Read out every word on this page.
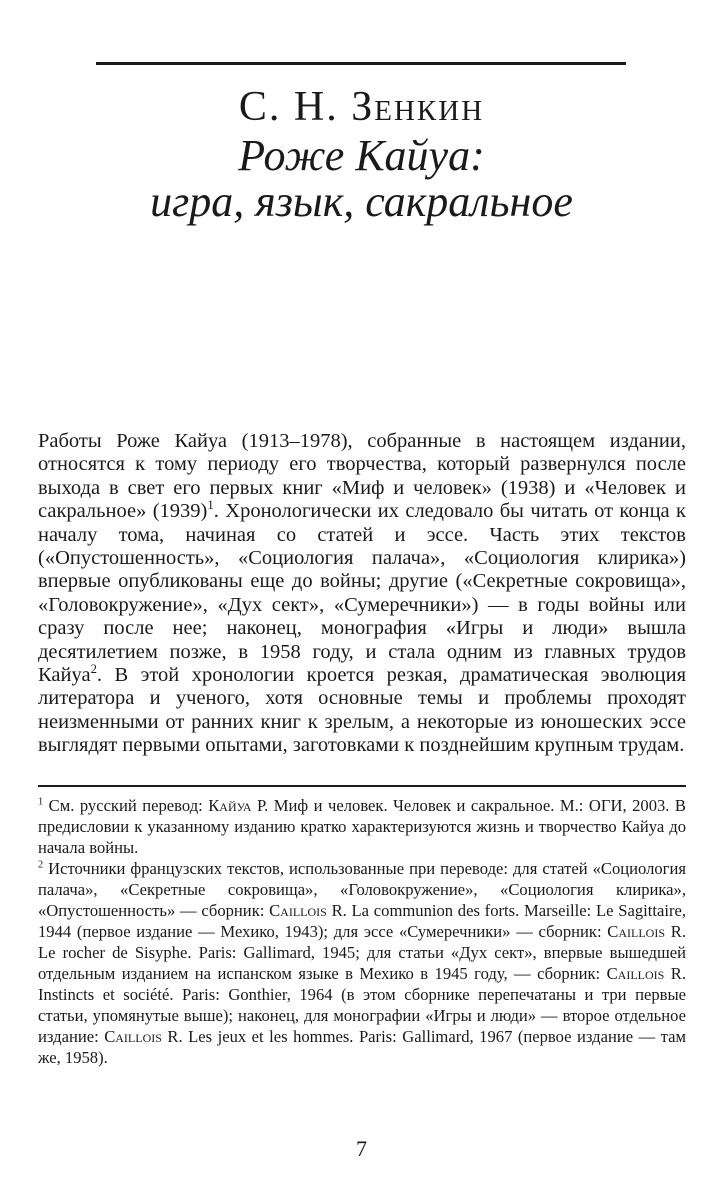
С. Н. Зенкин
Роже Кайуа:
игра, язык, сакральное

Работы Роже Кайуа (1913–1978), собранные в настоящем издании, относятся к тому периоду его творчества, который развернулся после выхода в свет его первых книг «Миф и человек» (1938) и «Человек и сакральное» $(1939)^1$. Хронологически их следовало бы читать от конца к началу тома, начиная со статей и эссе. Часть этих текстов («Опустошенность», «Социология палача», «Социология клирика») впервые опубликованы еще до войны; другие («Секретные сокровища», «Головокружение», «Дух сект», «Сумеречники») — в годы войны или сразу после нее; наконец, монография «Игры и люди» вышла десятилетием позже, в 1958 году, и стала одним из главных трудов Кайуа$^2$. В этой хронологии кроется резкая, драматическая эволюция литератора и ученого, хотя основные темы и проблемы проходят неизменными от ранних книг к зрелым, а некоторые из юношеских эссе выглядят первыми опытами, заготовками к позднейшим крупным трудам.

$^1$ См. русский перевод: Кайуа Р. Миф и человек. Человек и сакральное. М.: ОГИ, 2003. В предисловии к указанному изданию кратко характеризуются жизнь и творчество Кайуа до начала войны.

$^2$ Источники французских текстов, использованные при переводе: для статей «Социология палача», «Секретные сокровища», «Головокружение», «Социология клирика», «Опустошенность» — сборник: Caillois R. La communion des forts. Marseille: Le Sagittaire, 1944 (первое издание — Мехико, 1943); для эссе «Сумеречники» — сборник: Caillois R. Le rocher de Sisyphe. Paris: Gallimard, 1945; для статьи «Дух сект», впервые вышедшей отдельным изданием на испанском языке в Мехико в 1945 году, — сборник: Caillois R. Instincts et société. Paris: Gonthier, 1964 (в этом сборнике перепечатаны и три первые статьи, упомянутые выше); наконец, для монографии «Игры и люди» — второе отдельное издание: Caillois R. Les jeux et les hommes. Paris: Gallimard, 1967 (первое издание — там же, 1958).

7
